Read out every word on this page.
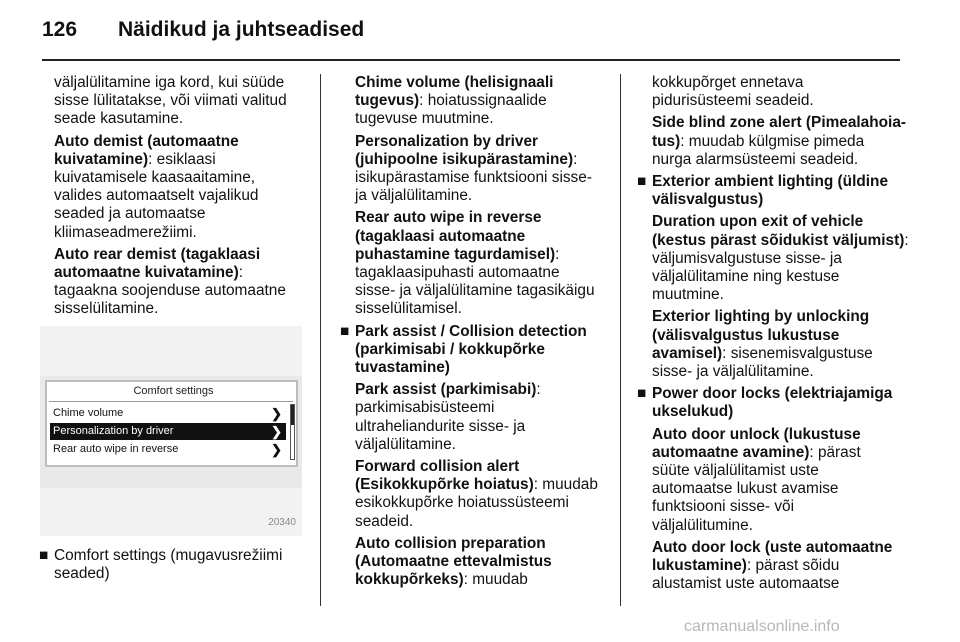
126 Näidikud ja juhtseadised

väljalülitamine iga kord, kui süüde
sisse lülitatakse, või viimati valitud
seade kasutamine.

Auto demist (automaatne
kuivatamine): esiklaasi
kuivatamisele kaasaaitamine,
valides automaatselt vajalikud
seaded ja automaatse
kliimaseadmerežiimi.

Auto rear demist (tagaklaasi
automaatne kuivatamine):
tagaakna soojenduse automaatne
sisselülitamine.

Comfort settings
Chime volume	❯
Personalization by driver	❯
Rear auto wipe in reverse	❯
20340

■ Comfort settings (mugavusrežiimi
seaded)

Chime volume (helisignaali
tugevus): hoiatussignaalide
tugevuse muutmine.

Personalization by driver
(juhipoolne isikupärastamine):
isikupärastamise funktsiooni sisse-
ja väljalülitamine.

Rear auto wipe in reverse
(tagaklaasi automaatne
puhastamine tagurdamisel):
tagaklaasipuhasti automaatne
sisse- ja väljalülitamine tagasikäigu
sisselülitamisel.

■ Park assist / Collision detection
(parkimisabi / kokkupõrke
tuvastamine)

Park assist (parkimisabi):
parkimisabisüsteemi
ultraheliandurite sisse- ja
väljalülitamine.

Forward collision alert
(Esikokkupõrke hoiatus): muudab
esikokkupõrke hoiatussüsteemi
seadeid.

Auto collision preparation
(Automaatne ettevalmistus
kokkupõrkeks): muudab

kokkupõrget ennetava
pidurisüsteemi seadeid.

Side blind zone alert (Pimealahoia-
tus): muudab külgmise pimeda
nurga alarmsüsteemi seadeid.

■ Exterior ambient lighting (üldine
välisvalgustus)

Duration upon exit of vehicle
(kestus pärast sõidukist väljumist):
väljumisvalgustuse sisse- ja
väljalülitamine ning kestuse
muutmine.

Exterior lighting by unlocking
(välisvalgustus lukustuse
avamisel): sisenemisvalgustuse
sisse- ja väljalülitamine.

■ Power door locks (elektriajamiga
ukselukud)

Auto door unlock (lukustuse
automaatne avamine): pärast
süüte väljalülitamist uste
automaatse lukust avamise
funktsiooni sisse- või
väljalülitumine.

Auto door lock (uste automaatne
lukustamine): pärast sõidu
alustamist uste automaatse

carmanualsonline.info
